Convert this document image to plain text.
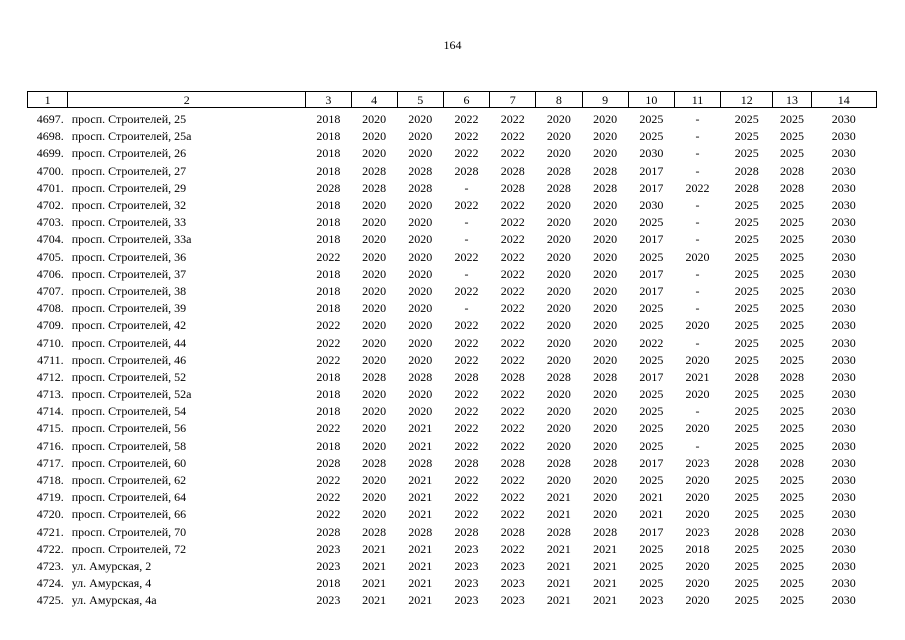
164
1	2	3	4	5	6	7	8	9	10	11	12	13	14
4697.	просп. Строителей, 25	2018	2020	2020	2022	2022	2020	2020	2025	-	2025	2025	2030
4698.	просп. Строителей, 25а	2018	2020	2020	2022	2022	2020	2020	2025	-	2025	2025	2030
4699.	просп. Строителей, 26	2018	2020	2020	2022	2022	2020	2020	2030	-	2025	2025	2030
4700.	просп. Строителей, 27	2018	2028	2028	2028	2028	2028	2028	2017	-	2028	2028	2030
4701.	просп. Строителей, 29	2028	2028	2028	-	2028	2028	2028	2017	2022	2028	2028	2030
4702.	просп. Строителей, 32	2018	2020	2020	2022	2022	2020	2020	2030	-	2025	2025	2030
4703.	просп. Строителей, 33	2018	2020	2020	-	2022	2020	2020	2025	-	2025	2025	2030
4704.	просп. Строителей, 33а	2018	2020	2020	-	2022	2020	2020	2017	-	2025	2025	2030
4705.	просп. Строителей, 36	2022	2020	2020	2022	2022	2020	2020	2025	2020	2025	2025	2030
4706.	просп. Строителей, 37	2018	2020	2020	-	2022	2020	2020	2017	-	2025	2025	2030
4707.	просп. Строителей, 38	2018	2020	2020	2022	2022	2020	2020	2017	-	2025	2025	2030
4708.	просп. Строителей, 39	2018	2020	2020	-	2022	2020	2020	2025	-	2025	2025	2030
4709.	просп. Строителей, 42	2022	2020	2020	2022	2022	2020	2020	2025	2020	2025	2025	2030
4710.	просп. Строителей, 44	2022	2020	2020	2022	2022	2020	2020	2022	-	2025	2025	2030
4711.	просп. Строителей, 46	2022	2020	2020	2022	2022	2020	2020	2025	2020	2025	2025	2030
4712.	просп. Строителей, 52	2018	2028	2028	2028	2028	2028	2028	2017	2021	2028	2028	2030
4713.	просп. Строителей, 52а	2018	2020	2020	2022	2022	2020	2020	2025	2020	2025	2025	2030
4714.	просп. Строителей, 54	2018	2020	2020	2022	2022	2020	2020	2025	-	2025	2025	2030
4715.	просп. Строителей, 56	2022	2020	2021	2022	2022	2020	2020	2025	2020	2025	2025	2030
4716.	просп. Строителей, 58	2018	2020	2021	2022	2022	2020	2020	2025	-	2025	2025	2030
4717.	просп. Строителей, 60	2028	2028	2028	2028	2028	2028	2028	2017	2023	2028	2028	2030
4718.	просп. Строителей, 62	2022	2020	2021	2022	2022	2020	2020	2025	2020	2025	2025	2030
4719.	просп. Строителей, 64	2022	2020	2021	2022	2022	2021	2020	2021	2020	2025	2025	2030
4720.	просп. Строителей, 66	2022	2020	2021	2022	2022	2021	2020	2021	2020	2025	2025	2030
4721.	просп. Строителей, 70	2028	2028	2028	2028	2028	2028	2028	2017	2023	2028	2028	2030
4722.	просп. Строителей, 72	2023	2021	2021	2023	2022	2021	2021	2025	2018	2025	2025	2030
4723.	ул. Амурская, 2	2023	2021	2021	2023	2023	2021	2021	2025	2020	2025	2025	2030
4724.	ул. Амурская, 4	2018	2021	2021	2023	2023	2021	2021	2025	2020	2025	2025	2030
4725.	ул. Амурская, 4а	2023	2021	2021	2023	2023	2021	2021	2023	2020	2025	2025	2030
